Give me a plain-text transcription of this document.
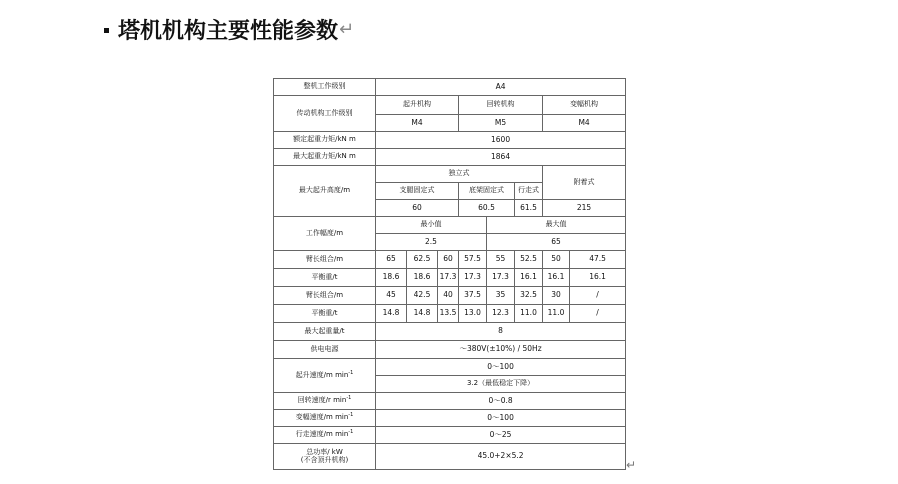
塔机机构主要性能参数 ↵
整机工作级别	A4							
传动机构工作级别	起升机构			回转机构			变幅机构	
	M4			M5			M4	
额定起重力矩/kN m	1600							
最大起重力矩/kN m	1864							
最大起升高度/m	独立式						附着式	
	支腿固定式			底架固定式		行走式		
	60			60.5		61.5	215	
工作幅度/m	最小值				最大值			
	2.5				65			
臂长组合/m	65	62.5	60	57.5	55	52.5	50	47.5
平衡重/t	18.6	18.6	17.3	17.3	17.3	16.1	16.1	16.1
臂长组合/m	45	42.5	40	37.5	35	32.5	30	/
平衡重/t	14.8	14.8	13.5	13.0	12.3	11.0	11.0	/
最大起重量/t	8							
供电电源	～380V(±10%) / 50Hz							
起升速度/m $\min^{-1}$	0～100							
	3.2（最低稳定下降）							
回转速度/r $\min^{-1}$	0～0.8							
变幅速度/m $\min^{-1}$	0～100							
行走速度/m $\min^{-1}$	0～25							

总功率/ kW
(不含顶升机构)	45.0+2×5.2							
↵
